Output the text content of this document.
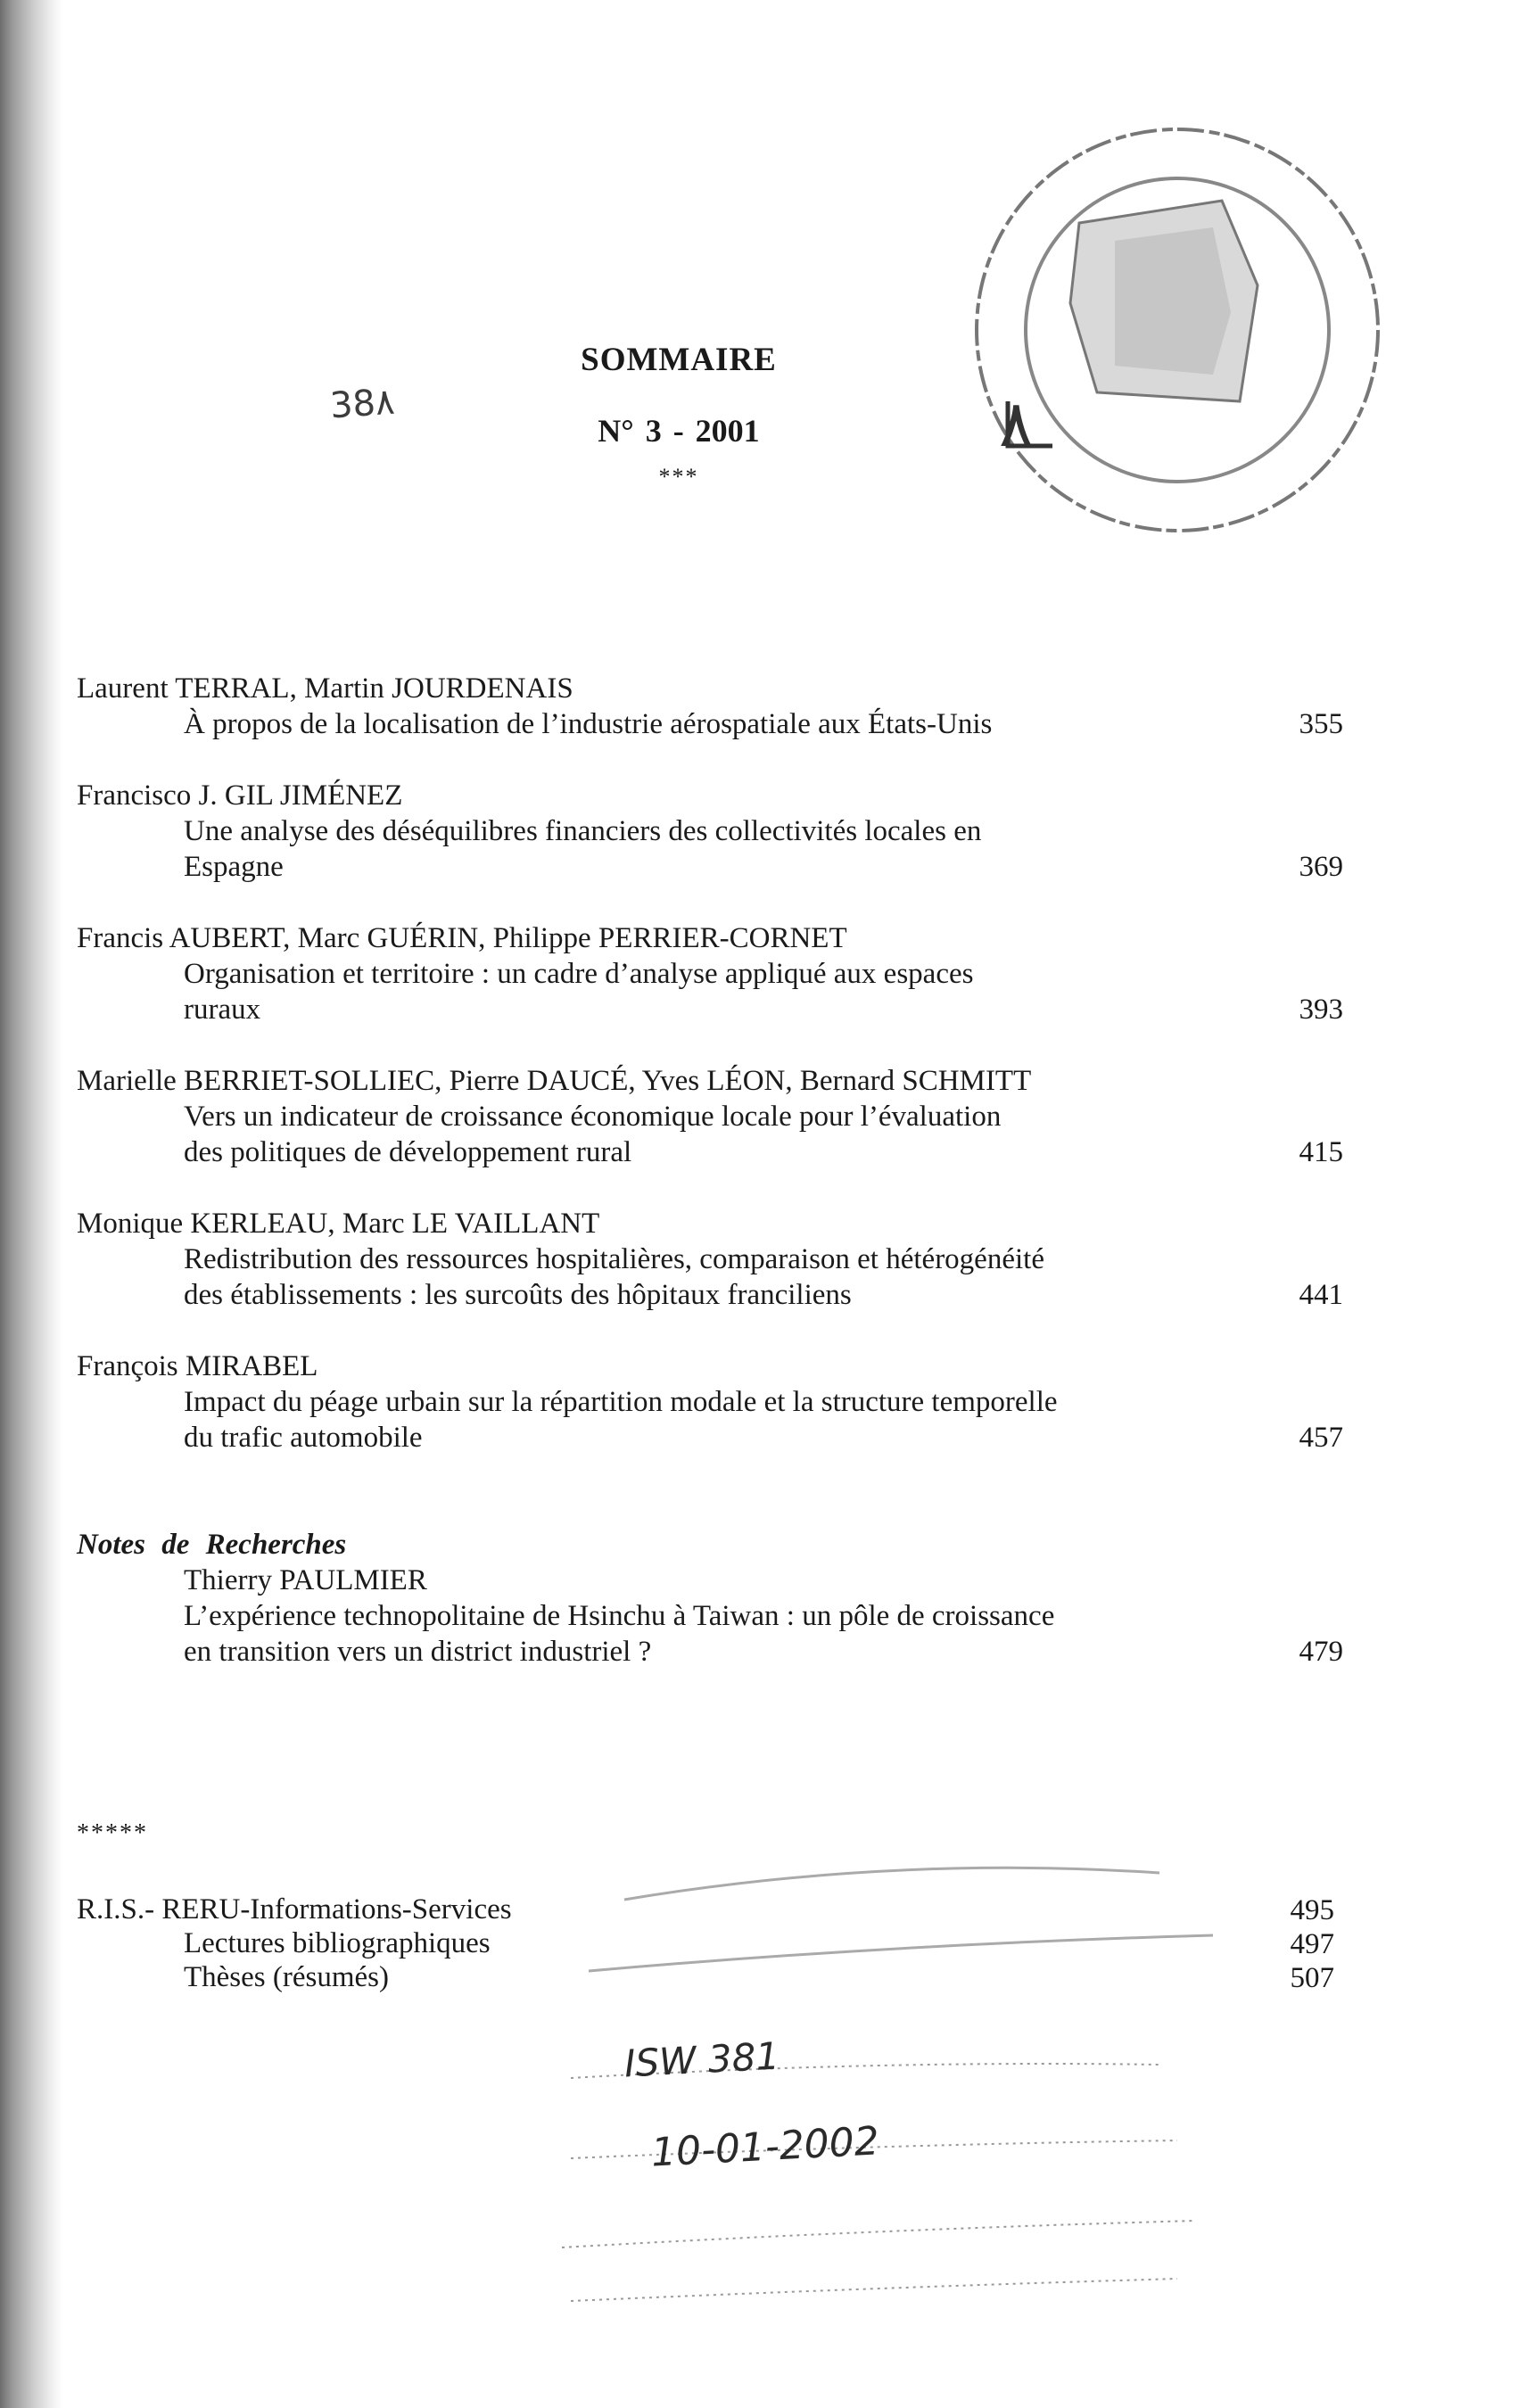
٨
SOMMAIRE
N° 3 - 2001
***
38٨
Laurent TERRAL, Martin JOURDENAIS
À propos de la localisation de l’industrie aérospatiale aux États-Unis	355
Francisco J. GIL JIMÉNEZ
Une analyse des déséquilibres financiers des collectivités locales en
Espagne	369
Francis AUBERT, Marc GUÉRIN, Philippe PERRIER-CORNET
Organisation et territoire : un cadre d’analyse appliqué aux espaces
ruraux	393
Marielle BERRIET-SOLLIEC, Pierre DAUCÉ, Yves LÉON, Bernard SCHMITT
Vers un indicateur de croissance économique locale pour l’évaluation
des politiques de développement rural	415
Monique KERLEAU, Marc LE VAILLANT
Redistribution des ressources hospitalières, comparaison et hétérogénéité
des établissements : les surcoûts des hôpitaux franciliens	441
François MIRABEL
Impact du péage urbain sur la répartition modale et la structure temporelle
du trafic automobile	457
Notes de Recherches
Thierry PAULMIER
L’expérience technopolitaine de Hsinchu à Taiwan : un pôle de croissance
en transition vers un district industriel ?	479
*****
R.I.S.- RERU-Informations-Services	495
Lectures bibliographiques	497
Thèses (résumés)	507
ISW 381
10-01-2002
